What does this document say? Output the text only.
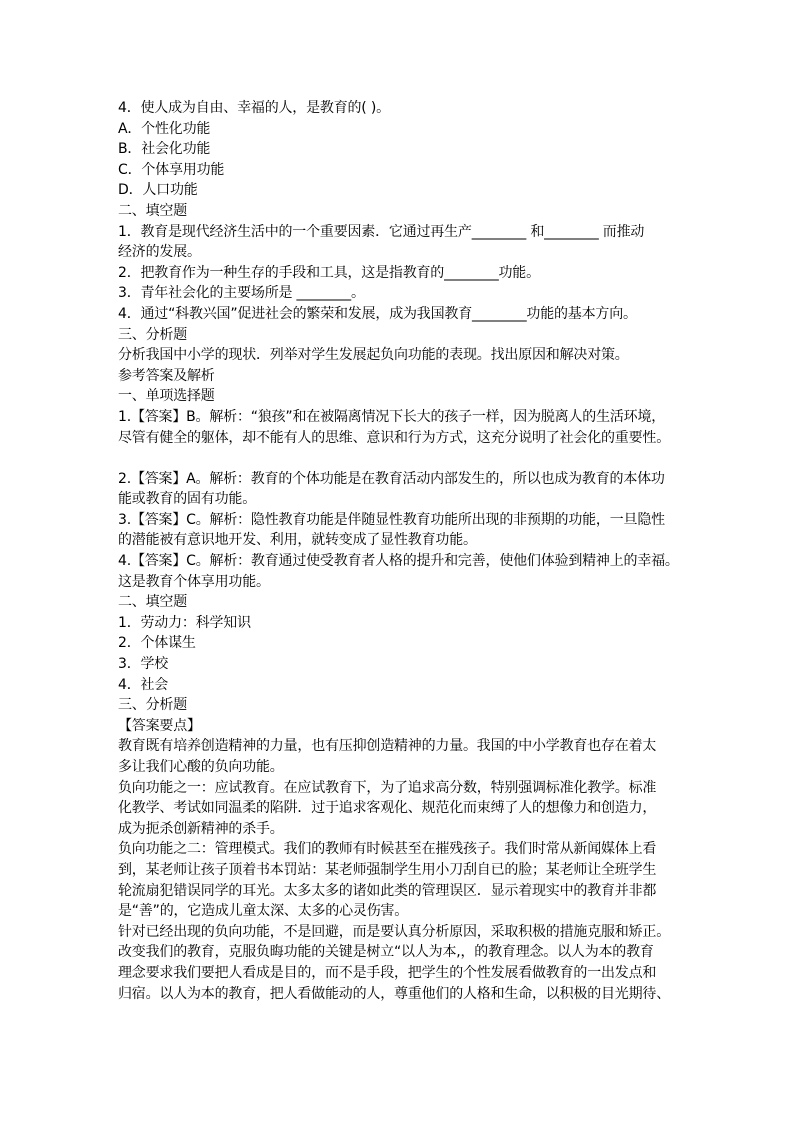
4．使人成为自由、幸福的人，是教育的( )。
A．个性化功能
B．社会化功能
C．个体享用功能
D．人口功能
二、填空题
1．教育是现代经济生活中的一个重要因素．它通过再生产________ 和________ 而推动
经济的发展。
2．把教育作为一种生存的手段和工具，这是指教育的________功能。
3．青年社会化的主要场所是 ________。
4．通过“科教兴国”促进社会的繁荣和发展，成为我国教育________功能的基本方向。
三、分析题
分析我国中小学的现状．列举对学生发展起负向功能的表现。找出原因和解决对策。
参考答案及解析
一、单项选择题
1.【答案】B。解析：“狼孩”和在被隔离情况下长大的孩子一样，因为脱离人的生活环境，
尽管有健全的躯体，却不能有人的思维、意识和行为方式，这充分说明了社会化的重要性。
2.【答案】A。解析：教育的个体功能是在教育活动内部发生的，所以也成为教育的本体功
能或教育的固有功能。
3.【答案】C。解析：隐性教育功能是伴随显性教育功能所出现的非预期的功能，一旦隐性
的潜能被有意识地开发、利用，就转变成了显性教育功能。
4.【答案】C。解析：教育通过使受教育者人格的提升和完善，使他们体验到精神上的幸福。
这是教育个体享用功能。
二、填空题
1．劳动力：科学知识
2．个体谋生
3．学校
4．社会
三、分析题
【答案要点】
教育既有培养创造精神的力量，也有压抑创造精神的力量。我国的中小学教育也存在着太
多让我们心酸的负向功能。
负向功能之一：应试教育。在应试教育下，为了追求高分数，特别强调标准化教学。标准
化教学、考试如同温柔的陷阱．过于追求客观化、规范化而束缚了人的想像力和创造力，
成为扼杀创新精神的杀手。
负向功能之二：管理模式。我们的教师有时候甚至在摧残孩子。我们时常从新闻媒体上看
到，某老师让孩子顶着书本罚站：某老师强制学生用小刀刮自已的脸；某老师让全班学生
轮流扇犯错误同学的耳光。太多太多的诸如此类的管理误区．显示着现实中的教育并非都
是“善”的，它造成儿童太深、太多的心灵伤害。
针对已经出现的负向功能，不是回避，而是要认真分析原因，采取积极的措施克服和矫正。
改变我们的教育，克服负晦功能的关键是树立“以人为本,，的教育理念。以人为本的教育
理念要求我们要把人看成是目的，而不是手段，把学生的个性发展看做教育的一出发点和
归宿。以人为本的教育，把人看做能动的人，尊重他们的人格和生命，以积极的目光期待、
